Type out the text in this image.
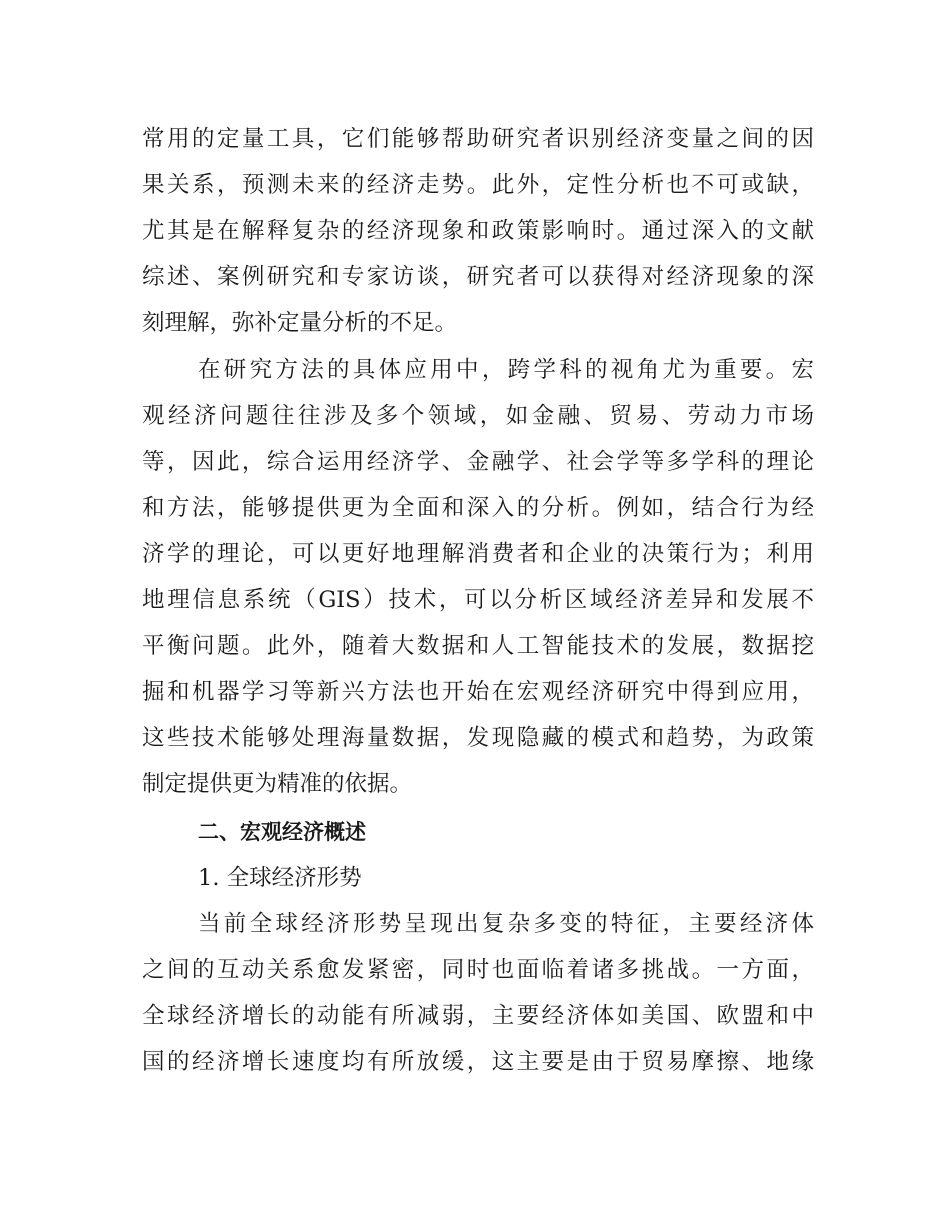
常用的定量工具，它们能够帮助研究者识别经济变量之间的因
果关系，预测未来的经济走势。此外，定性分析也不可或缺，
尤其是在解释复杂的经济现象和政策影响时。通过深入的文献
综述、案例研究和专家访谈，研究者可以获得对经济现象的深
刻理解，弥补定量分析的不足。
在研究方法的具体应用中，跨学科的视角尤为重要。宏
观经济问题往往涉及多个领域，如金融、贸易、劳动力市场
等，因此，综合运用经济学、金融学、社会学等多学科的理论
和方法，能够提供更为全面和深入的分析。例如，结合行为经
济学的理论，可以更好地理解消费者和企业的决策行为；利用
地理信息系统（GIS）技术，可以分析区域经济差异和发展不
平衡问题。此外，随着大数据和人工智能技术的发展，数据挖
掘和机器学习等新兴方法也开始在宏观经济研究中得到应用，
这些技术能够处理海量数据，发现隐藏的模式和趋势，为政策
制定提供更为精准的依据。
二、宏观经济概述
1. 全球经济形势
当前全球经济形势呈现出复杂多变的特征，主要经济体
之间的互动关系愈发紧密，同时也面临着诸多挑战。一方面，
全球经济增长的动能有所减弱，主要经济体如美国、欧盟和中
国的经济增长速度均有所放缓，这主要是由于贸易摩擦、地缘
